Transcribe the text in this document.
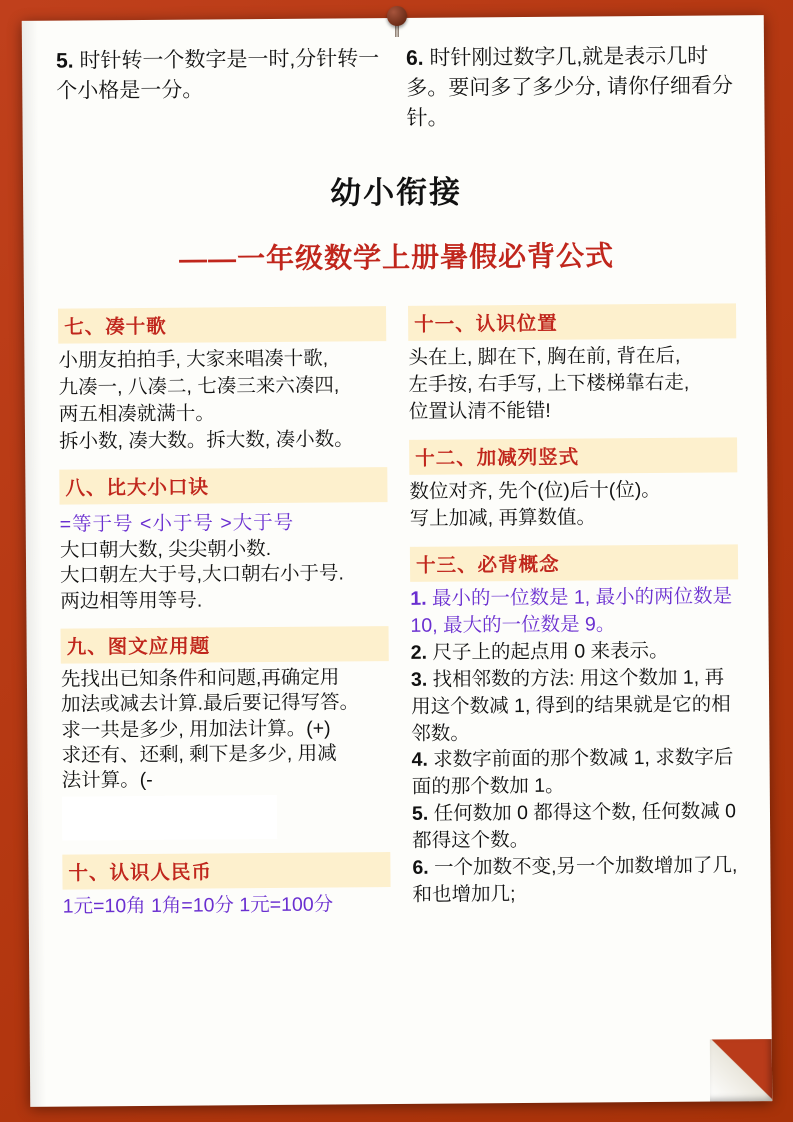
5. 时针转一个数字是一时,分针转一个小格是一分。

6. 时针刚过数字几,就是表示几时多。要问多了多少分, 请你仔细看分针。

幼小衔接
——一年级数学上册暑假必背公式
七、凑十歌

小朋友拍拍手, 大家来唱凑十歌,

九凑一, 八凑二, 七凑三来六凑四,

两五相凑就满十。

拆小数, 凑大数。拆大数, 凑小数。

八、比大小口诀

=等于号 <小于号 >大于号

大口朝大数, 尖尖朝小数.

大口朝左大于号,大口朝右小于号.

两边相等用等号.

九、图文应用题

先找出已知条件和问题,再确定用

加法或减去计算.最后要记得写答。

求一共是多少, 用加法计算。(+)

求还有、还剩, 剩下是多少, 用减

法计算。(-

十、认识人民币

1元=10角 1角=10分 1元=100分

十一、认识位置

头在上, 脚在下, 胸在前, 背在后,

左手按, 右手写, 上下楼梯靠右走,

位置认清不能错!

十二、加减列竖式

数位对齐, 先个(位)后十(位)。

写上加减, 再算数值。

十三、必背概念

1. 最小的一位数是 1, 最小的两位数是 10, 最大的一位数是 9。

2. 尺子上的起点用 0 来表示。

3. 找相邻数的方法: 用这个数加 1, 再用这个数减 1, 得到的结果就是它的相邻数。

4. 求数字前面的那个数减 1, 求数字后面的那个数加 1。

5. 任何数加 0 都得这个数, 任何数减 0 都得这个数。

6. 一个加数不变,另一个加数增加了几, 和也增加几;
